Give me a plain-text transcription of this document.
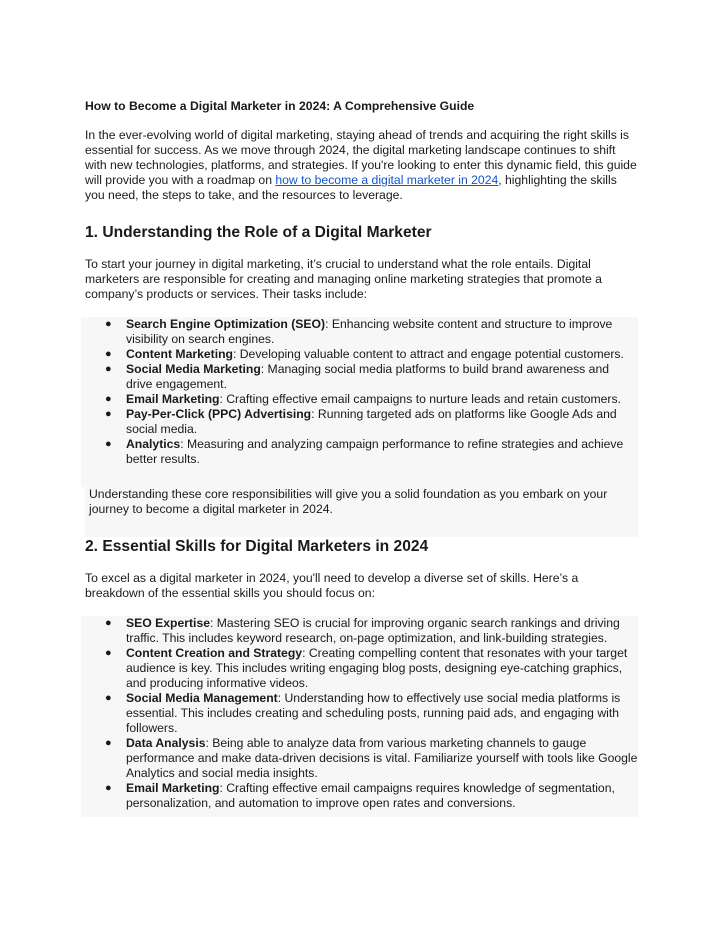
How to Become a Digital Marketer in 2024: A Comprehensive Guide

In the ever-evolving world of digital marketing, staying ahead of trends and acquiring the right skills is essential for success. As we move through 2024, the digital marketing landscape continues to shift with new technologies, platforms, and strategies. If you're looking to enter this dynamic field, this guide will provide you with a roadmap on how to become a digital marketer in 2024, highlighting the skills you need, the steps to take, and the resources to leverage.

1. Understanding the Role of a Digital Marketer

To start your journey in digital marketing, it’s crucial to understand what the role entails. Digital marketers are responsible for creating and managing online marketing strategies that promote a company’s products or services. Their tasks include:

● Search Engine Optimization (SEO): Enhancing website content and structure to improve visibility on search engines.
● Content Marketing: Developing valuable content to attract and engage potential customers.
● Social Media Marketing: Managing social media platforms to build brand awareness and drive engagement.
● Email Marketing: Crafting effective email campaigns to nurture leads and retain customers.
● Pay-Per-Click (PPC) Advertising: Running targeted ads on platforms like Google Ads and social media.
● Analytics: Measuring and analyzing campaign performance to refine strategies and achieve better results.

Understanding these core responsibilities will give you a solid foundation as you embark on your journey to become a digital marketer in 2024.

2. Essential Skills for Digital Marketers in 2024

To excel as a digital marketer in 2024, you'll need to develop a diverse set of skills. Here’s a breakdown of the essential skills you should focus on:

● SEO Expertise: Mastering SEO is crucial for improving organic search rankings and driving traffic. This includes keyword research, on-page optimization, and link-building strategies.
● Content Creation and Strategy: Creating compelling content that resonates with your target audience is key. This includes writing engaging blog posts, designing eye-catching graphics, and producing informative videos.
● Social Media Management: Understanding how to effectively use social media platforms is essential. This includes creating and scheduling posts, running paid ads, and engaging with followers.
● Data Analysis: Being able to analyze data from various marketing channels to gauge performance and make data-driven decisions is vital. Familiarize yourself with tools like Google Analytics and social media insights.
● Email Marketing: Crafting effective email campaigns requires knowledge of segmentation, personalization, and automation to improve open rates and conversions.
